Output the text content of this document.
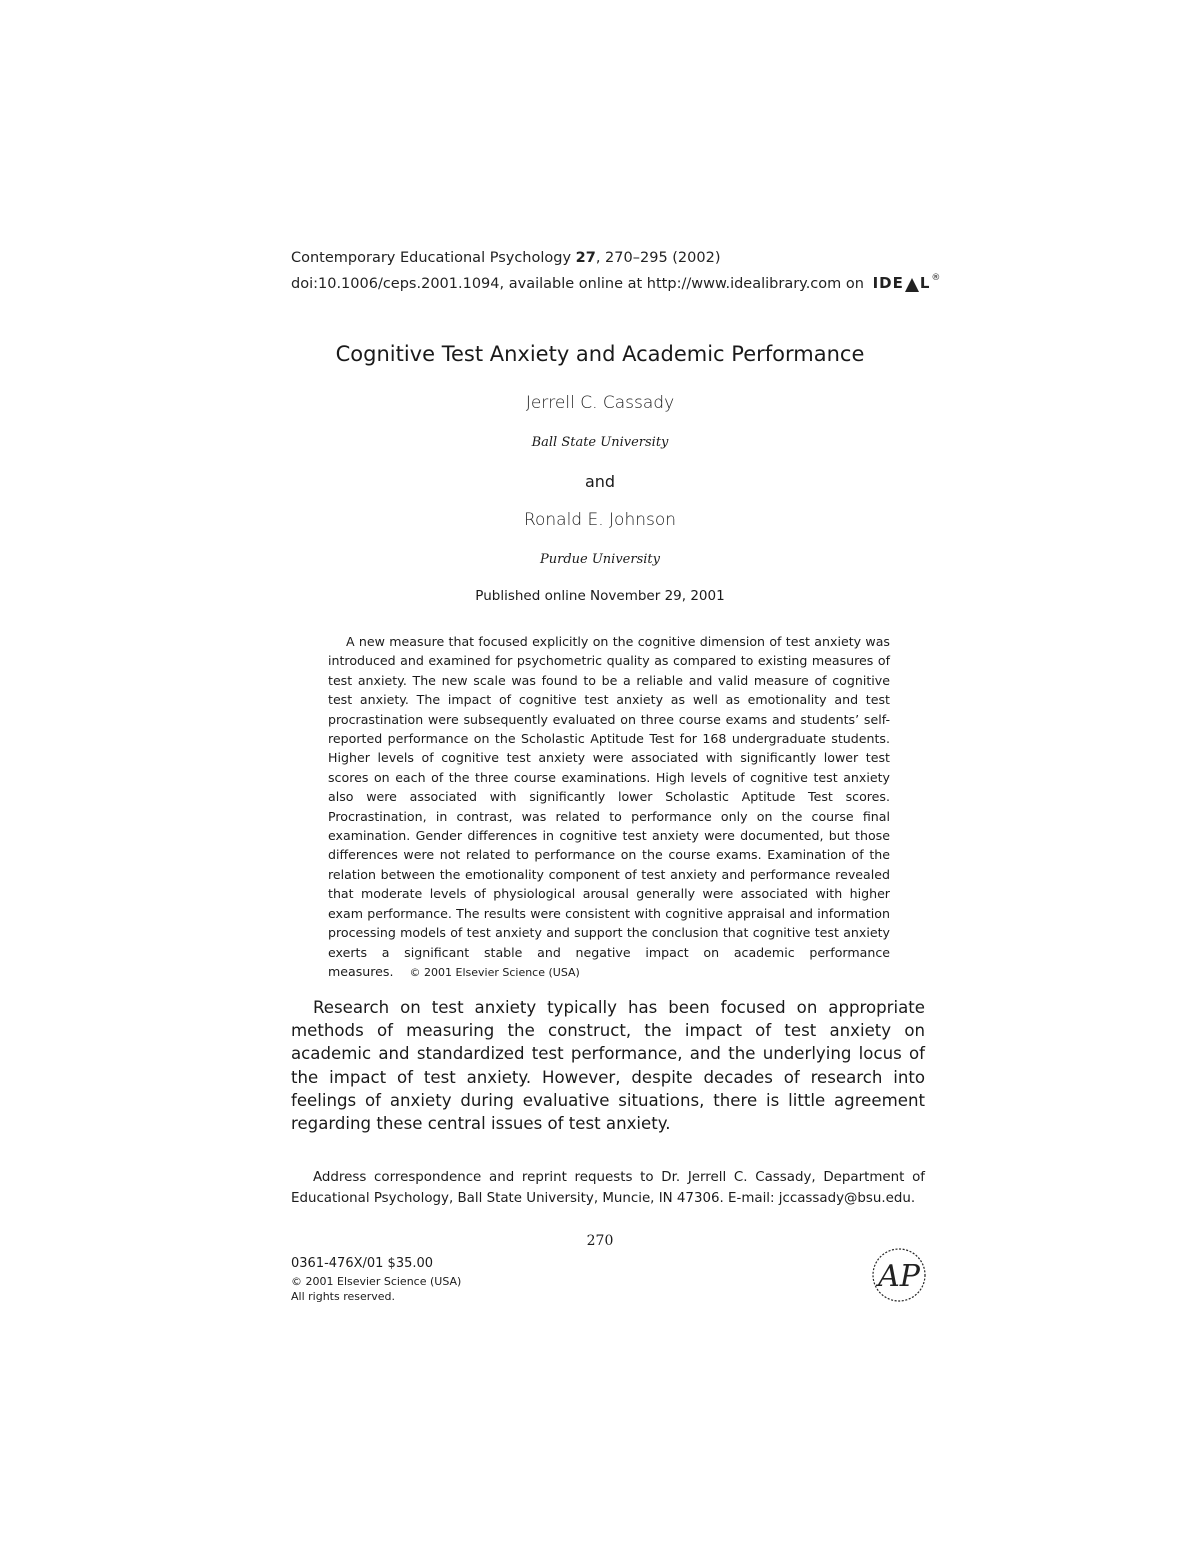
Contemporary Educational Psychology 27, 270–295 (2002)
doi:10.1006/ceps.2001.1094, available online at http://www.idealibrary.com on IDE L®
Cognitive Test Anxiety and Academic Performance
Jerrell C. Cassady
Ball State University
and
Ronald E. Johnson
Purdue University
Published online November 29, 2001
A new measure that focused explicitly on the cognitive dimension of test anxiety was introduced and examined for psychometric quality as compared to existing measures of test anxiety. The new scale was found to be a reliable and valid measure of cognitive test anxiety. The impact of cognitive test anxiety as well as emotionality and test procrastination were subsequently evaluated on three course exams and students’ self-reported performance on the Scholastic Aptitude Test for 168 undergraduate students. Higher levels of cognitive test anxiety were associated with significantly lower test scores on each of the three course examinations. High levels of cognitive test anxiety also were associated with significantly lower Scholastic Aptitude Test scores. Procrastination, in contrast, was related to performance only on the course final examination. Gender differences in cognitive test anxiety were documented, but those differences were not related to performance on the course exams. Examination of the relation between the emotionality component of test anxiety and performance revealed that moderate levels of physiological arousal generally were associated with higher exam performance. The results were consistent with cognitive appraisal and information processing models of test anxiety and support the conclusion that cognitive test anxiety exerts a significant stable and negative impact on academic performance measures. © 2001 Elsevier Science (USA)
Research on test anxiety typically has been focused on appropriate methods of measuring the construct, the impact of test anxiety on academic and standardized test performance, and the underlying locus of the impact of test anxiety. However, despite decades of research into feelings of anxiety during evaluative situations, there is little agreement regarding these central issues of test anxiety.
Address correspondence and reprint requests to Dr. Jerrell C. Cassady, Department of Educational Psychology, Ball State University, Muncie, IN 47306. E-mail: jccassady@bsu.edu.
270
0361-476X/01 $35.00
© 2001 Elsevier Science (USA)
All rights reserved.
AP
